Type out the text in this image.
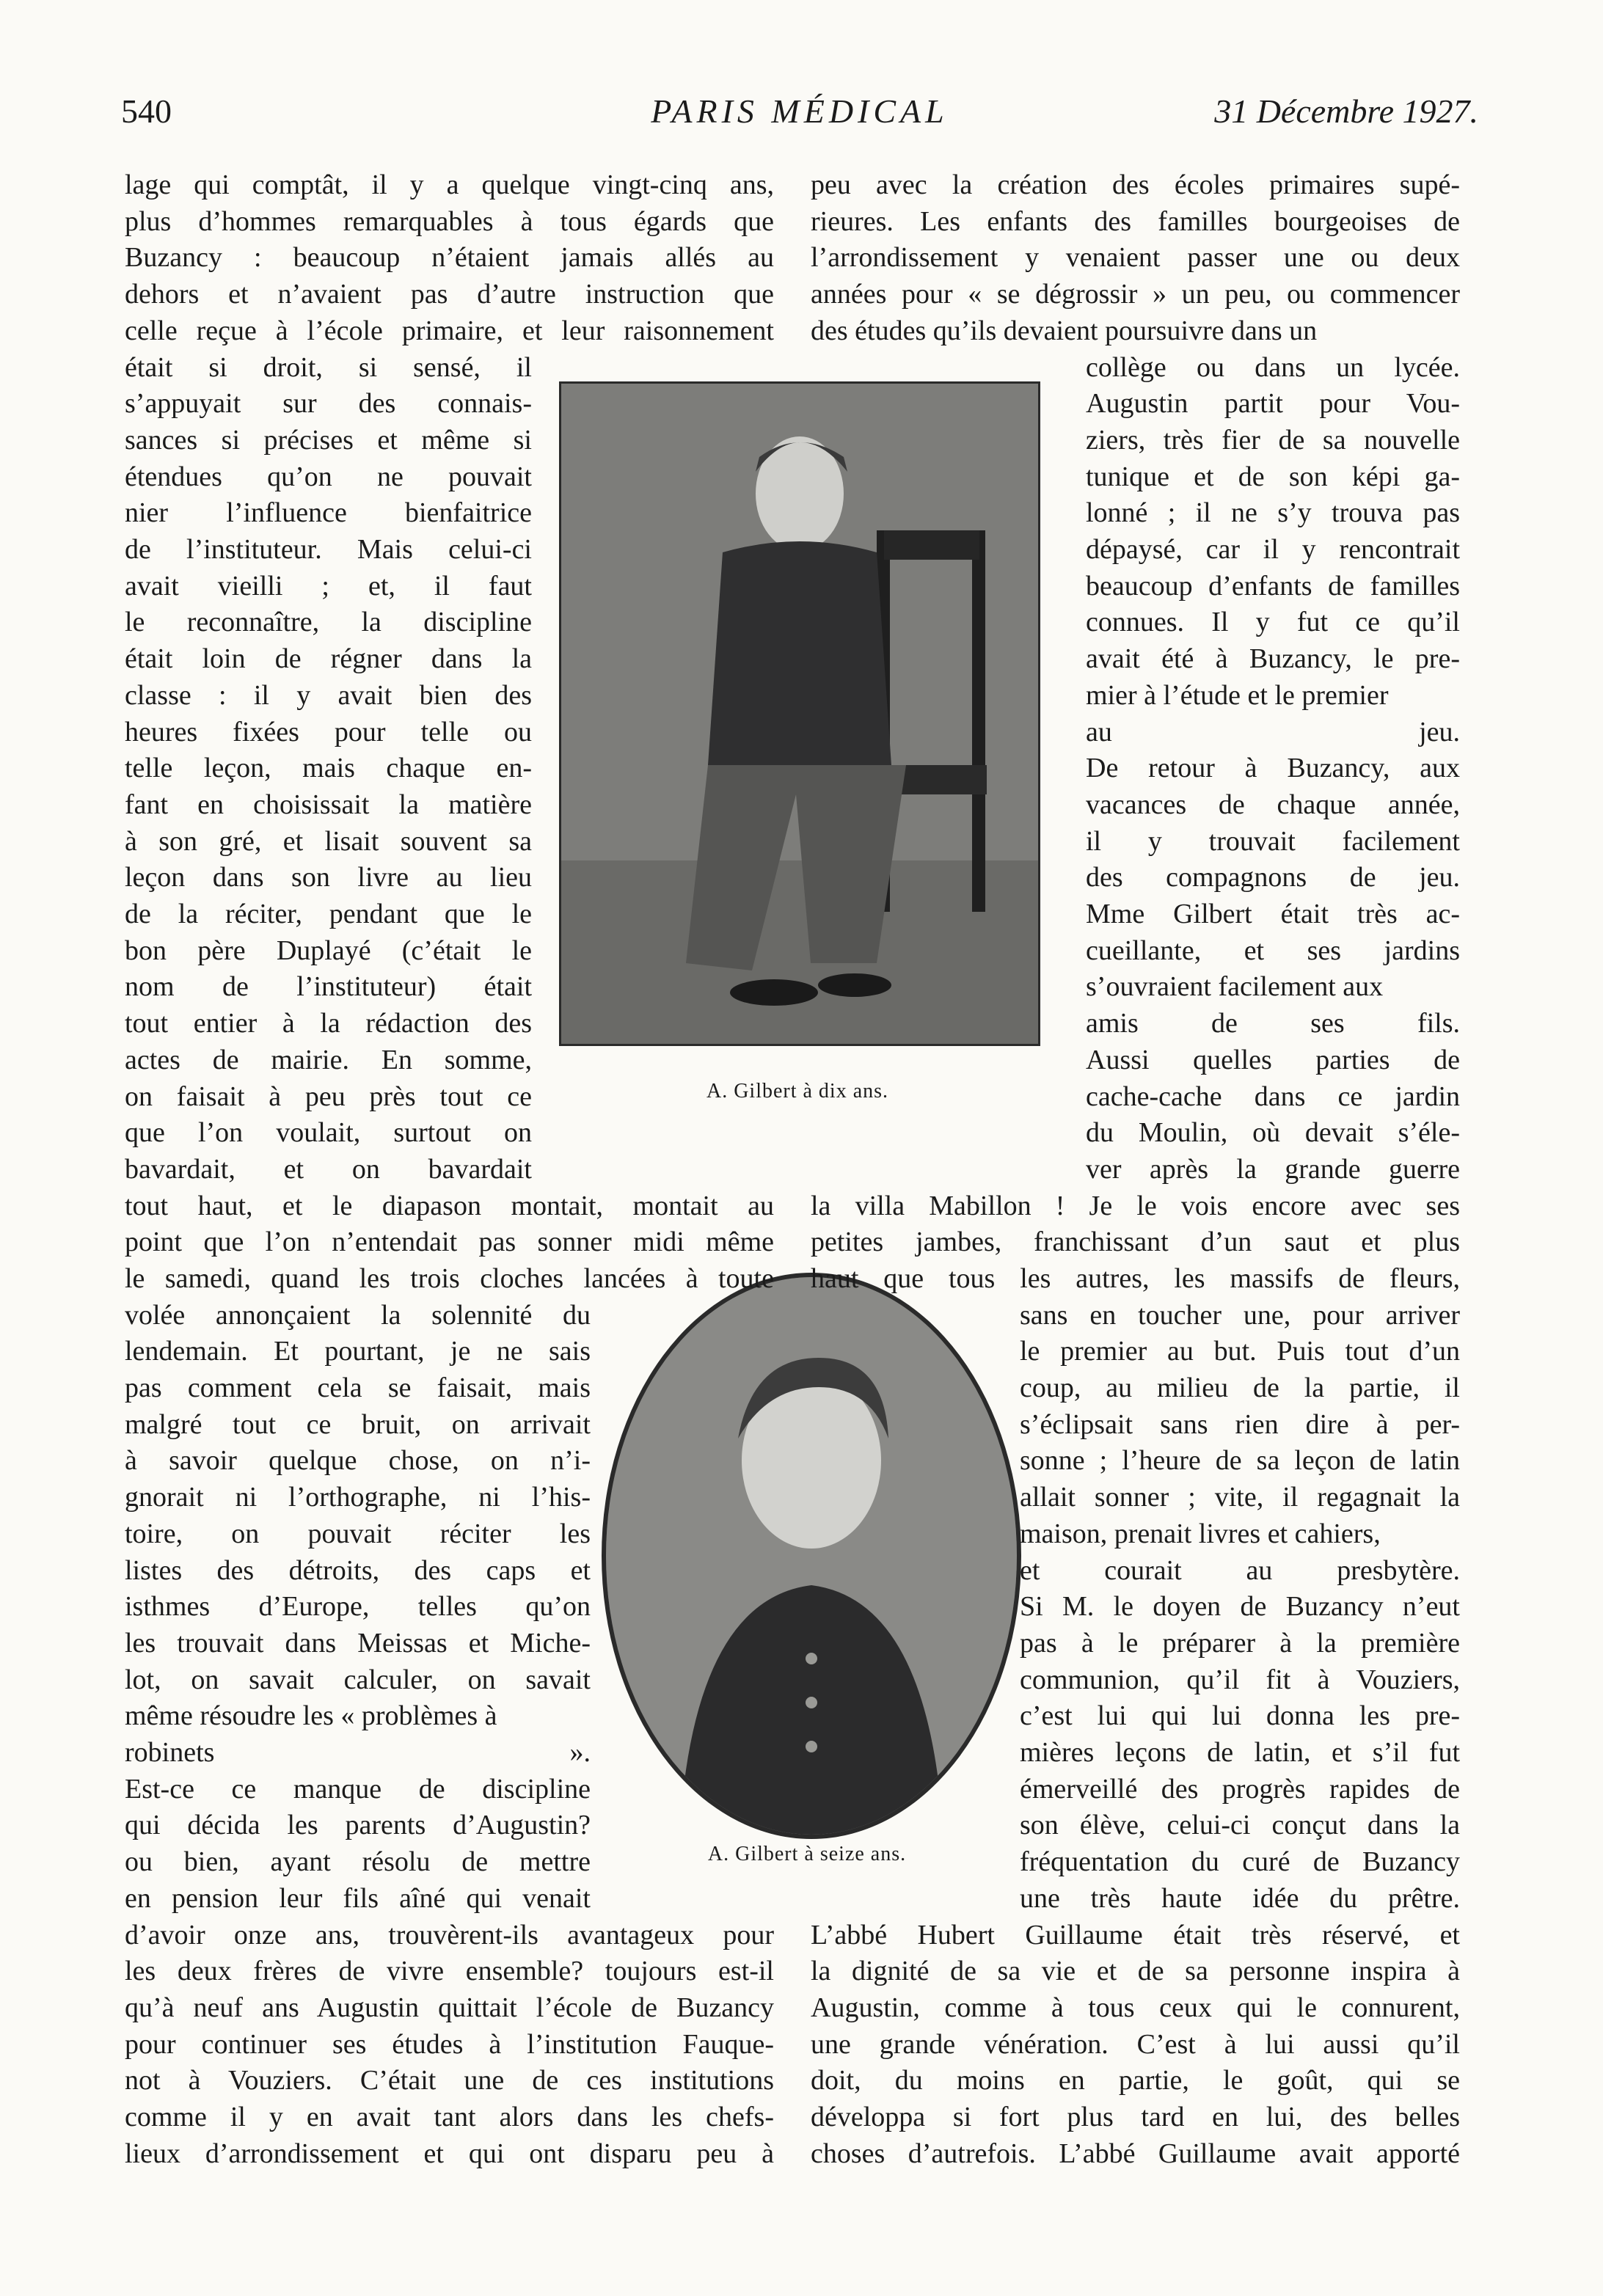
540	PARIS MÉDICAL	31 Décembre 1927.
A. Gilbert à dix ans.
A. Gilbert à seize ans.
lage qui comptât, il y a quelque vingt-cinq ans,
plus d’hommes remarquables à tous égards que
Buzancy : beaucoup n’étaient jamais allés au
dehors et n’avaient pas d’autre instruction que
celle reçue à l’école primaire, et leur raisonnement
était si droit, si sensé, il
s’appuyait sur des connais-
sances si précises et même si
étendues qu’on ne pouvait
nier l’influence bienfaitrice
de l’instituteur. Mais celui-ci
avait vieilli ; et, il faut
le reconnaître, la discipline
était loin de régner dans la
classe : il y avait bien des
heures fixées pour telle ou
telle leçon, mais chaque en-
fant en choisissait la matière
à son gré, et lisait souvent sa
leçon dans son livre au lieu
de la réciter, pendant que le
bon père Duplayé (c’était le
nom de l’instituteur) était
tout entier à la rédaction des
actes de mairie. En somme,
on faisait à peu près tout ce
que l’on voulait, surtout on
bavardait, et on bavardait
tout haut, et le diapason montait, montait au
point que l’on n’entendait pas sonner midi même
le samedi, quand les trois cloches lancées à toute
volée annonçaient la solennité du
lendemain. Et pourtant, je ne sais
pas comment cela se faisait, mais
malgré tout ce bruit, on arrivait
à savoir quelque chose, on n’i-
gnorait ni l’orthographe, ni l’his-
toire, on pouvait réciter les
listes des détroits, des caps et
isthmes d’Europe, telles qu’on
les trouvait dans Meissas et Miche-
lot, on savait calculer, on savait
même résoudre les « problèmes à
robinets ».
Est-ce ce manque de discipline
qui décida les parents d’Augustin?
ou bien, ayant résolu de mettre
en pension leur fils aîné qui venait
d’avoir onze ans, trouvèrent-ils avantageux pour
les deux frères de vivre ensemble? toujours est-il
qu’à neuf ans Augustin quittait l’école de Buzancy
pour continuer ses études à l’institution Fauque-
not à Vouziers. C’était une de ces institutions
comme il y en avait tant alors dans les chefs-
lieux d’arrondissement et qui ont disparu peu à
peu avec la création des écoles primaires supé-
rieures. Les enfants des familles bourgeoises de
l’arrondissement y venaient passer une ou deux
années pour « se dégrossir » un peu, ou commencer
des études qu’ils devaient poursuivre dans un
collège ou dans un lycée.
Augustin partit pour Vou-
ziers, très fier de sa nouvelle
tunique et de son képi ga-
lonné ; il ne s’y trouva pas
dépaysé, car il y rencontrait
beaucoup d’enfants de familles
connues. Il y fut ce qu’il
avait été à Buzancy, le pre-
mier à l’étude et le premier
au jeu.
De retour à Buzancy, aux
vacances de chaque année,
il y trouvait facilement
des compagnons de jeu.
Mme Gilbert était très ac-
cueillante, et ses jardins
s’ouvraient facilement aux
amis de ses fils.
Aussi quelles parties de
cache-cache dans ce jardin
du Moulin, où devait s’éle-
ver après la grande guerre
la villa Mabillon ! Je le vois encore avec ses
petites jambes, franchissant d’un saut et plus
haut que tous les autres, les massifs de fleurs,
sans en toucher une, pour arriver
le premier au but. Puis tout d’un
coup, au milieu de la partie, il
s’éclipsait sans rien dire à per-
sonne ; l’heure de sa leçon de latin
allait sonner ; vite, il regagnait la
maison, prenait livres et cahiers,
et courait au presbytère.
Si M. le doyen de Buzancy n’eut
pas à le préparer à la première
communion, qu’il fit à Vouziers,
c’est lui qui lui donna les pre-
mières leçons de latin, et s’il fut
émerveillé des progrès rapides de
son élève, celui-ci conçut dans la
fréquentation du curé de Buzancy
une très haute idée du prêtre.
L’abbé Hubert Guillaume était très réservé, et
la dignité de sa vie et de sa personne inspira à
Augustin, comme à tous ceux qui le connurent,
une grande vénération. C’est à lui aussi qu’il
doit, du moins en partie, le goût, qui se
développa si fort plus tard en lui, des belles
choses d’autrefois. L’abbé Guillaume avait apporté
